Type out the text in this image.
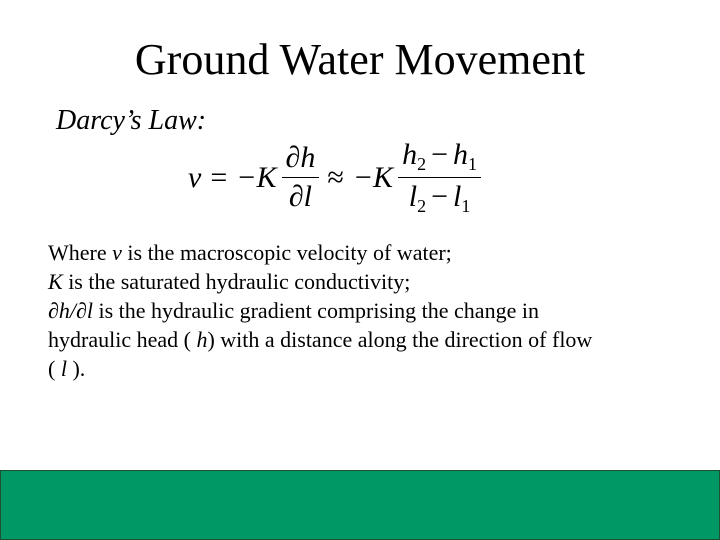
Ground Water Movement
Darcy’s Law:
$v = -K \frac{\partial h}{\partial l} \approx -K \frac{h_2 - h_1}{l_2 - l_1}$
Where v is the macroscopic velocity of water;
K is the saturated hydraulic conductivity;
∂h/∂l is the hydraulic gradient comprising the change in
hydraulic head ( h) with a distance along the direction of flow
( l ).
